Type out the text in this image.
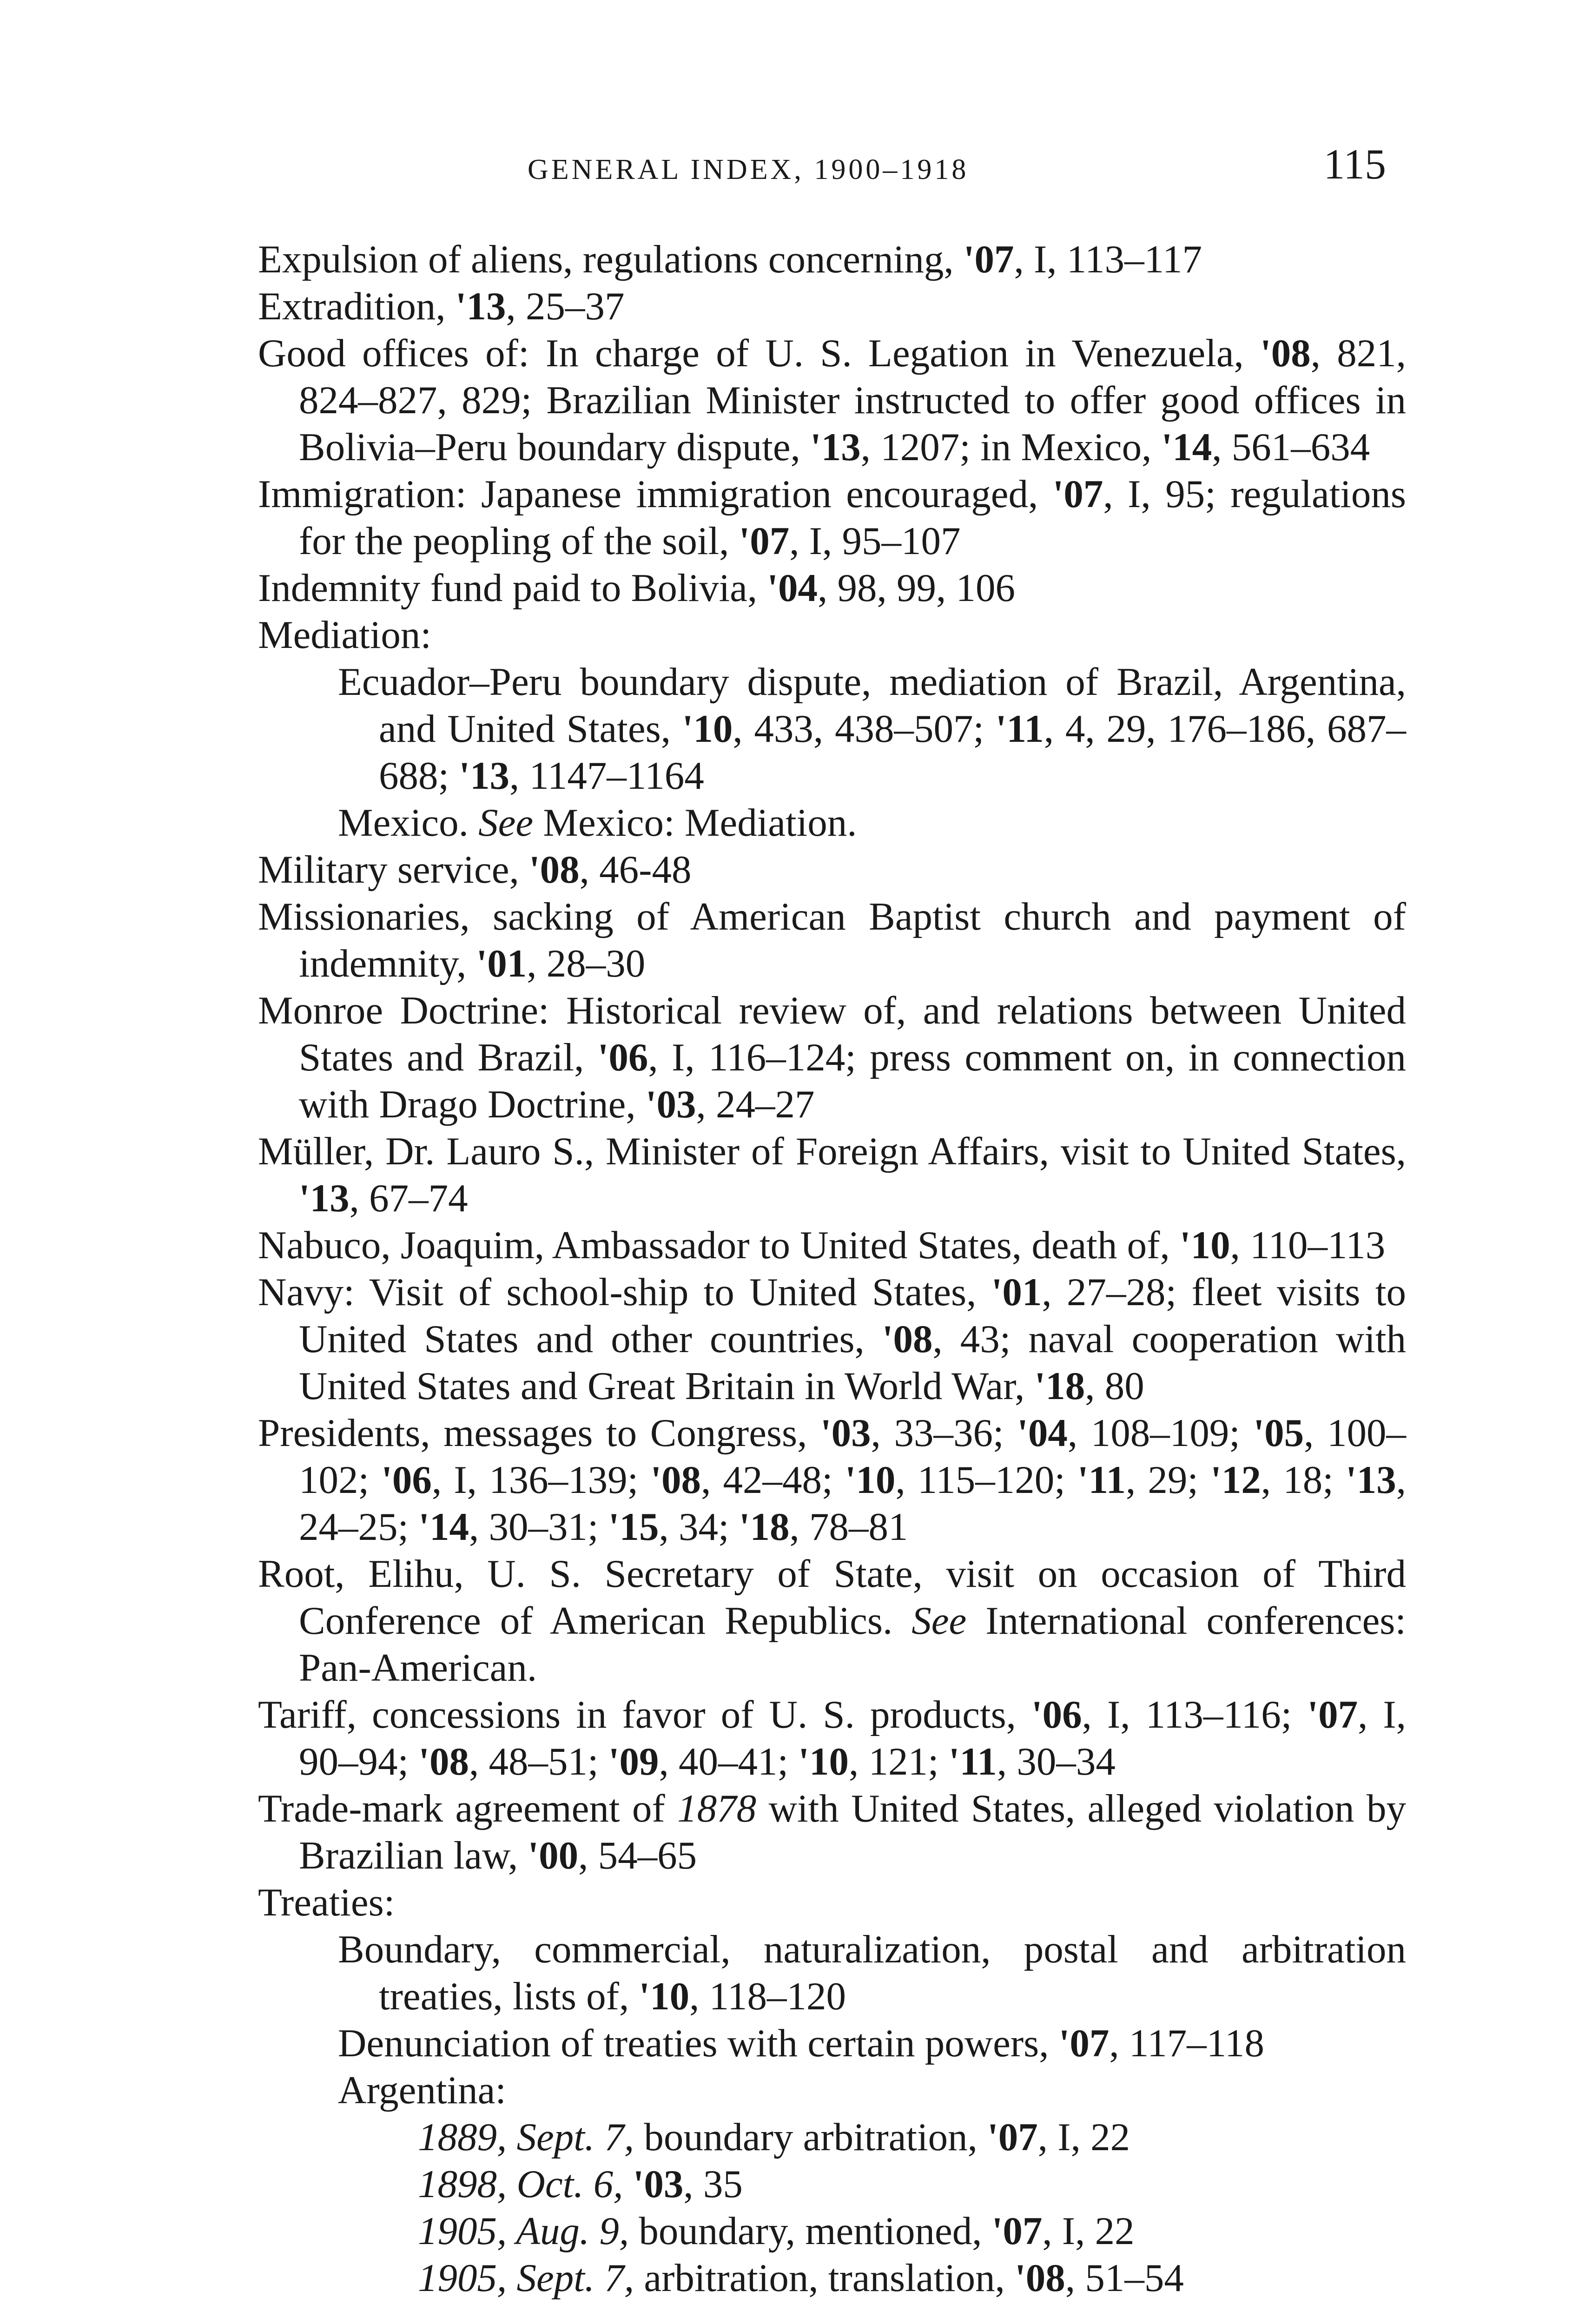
GENERAL INDEX, 1900–1918	115

Expulsion of aliens, regulations concerning, '07, I, 113–117

Extradition, '13, 25–37

Good offices of: In charge of U. S. Legation in Venezuela, '08, 821, 824–827, 829; Brazilian Minister instructed to offer good offices in Bolivia–Peru boundary dispute, '13, 1207; in Mexico, '14, 561–634

Immigration: Japanese immigration encouraged, '07, I, 95; regulations for the peopling of the soil, '07, I, 95–107

Indemnity fund paid to Bolivia, '04, 98, 99, 106

Mediation:

Ecuador–Peru boundary dispute, mediation of Brazil, Argentina, and United States, '10, 433, 438–507; '11, 4, 29, 176–186, 687–688; '13, 1147–1164

Mexico. See Mexico: Mediation.

Military service, '08, 46-48

Missionaries, sacking of American Baptist church and payment of indemnity, '01, 28–30

Monroe Doctrine: Historical review of, and relations between United States and Brazil, '06, I, 116–124; press comment on, in connection with Drago Doctrine, '03, 24–27

Müller, Dr. Lauro S., Minister of Foreign Affairs, visit to United States, '13, 67–74

Nabuco, Joaquim, Ambassador to United States, death of, '10, 110–113

Navy: Visit of school-ship to United States, '01, 27–28; fleet visits to United States and other countries, '08, 43; naval cooperation with United States and Great Britain in World War, '18, 80

Presidents, messages to Congress, '03, 33–36; '04, 108–109; '05, 100–102; '06, I, 136–139; '08, 42–48; '10, 115–120; '11, 29; '12, 18; '13, 24–25; '14, 30–31; '15, 34; '18, 78–81

Root, Elihu, U. S. Secretary of State, visit on occasion of Third Conference of American Republics. See International conferences: Pan-American.

Tariff, concessions in favor of U. S. products, '06, I, 113–116; '07, I, 90–94; '08, 48–51; '09, 40–41; '10, 121; '11, 30–34

Trade-mark agreement of 1878 with United States, alleged violation by Brazilian law, '00, 54–65

Treaties:

Boundary, commercial, naturalization, postal and arbitration treaties, lists of, '10, 118–120

Denunciation of treaties with certain powers, '07, 117–118

Argentina:

1889, Sept. 7, boundary arbitration, '07, I, 22

1898, Oct. 6, '03, 35

1905, Aug. 9, boundary, mentioned, '07, I, 22

1905, Sept. 7, arbitration, translation, '08, 51–54
